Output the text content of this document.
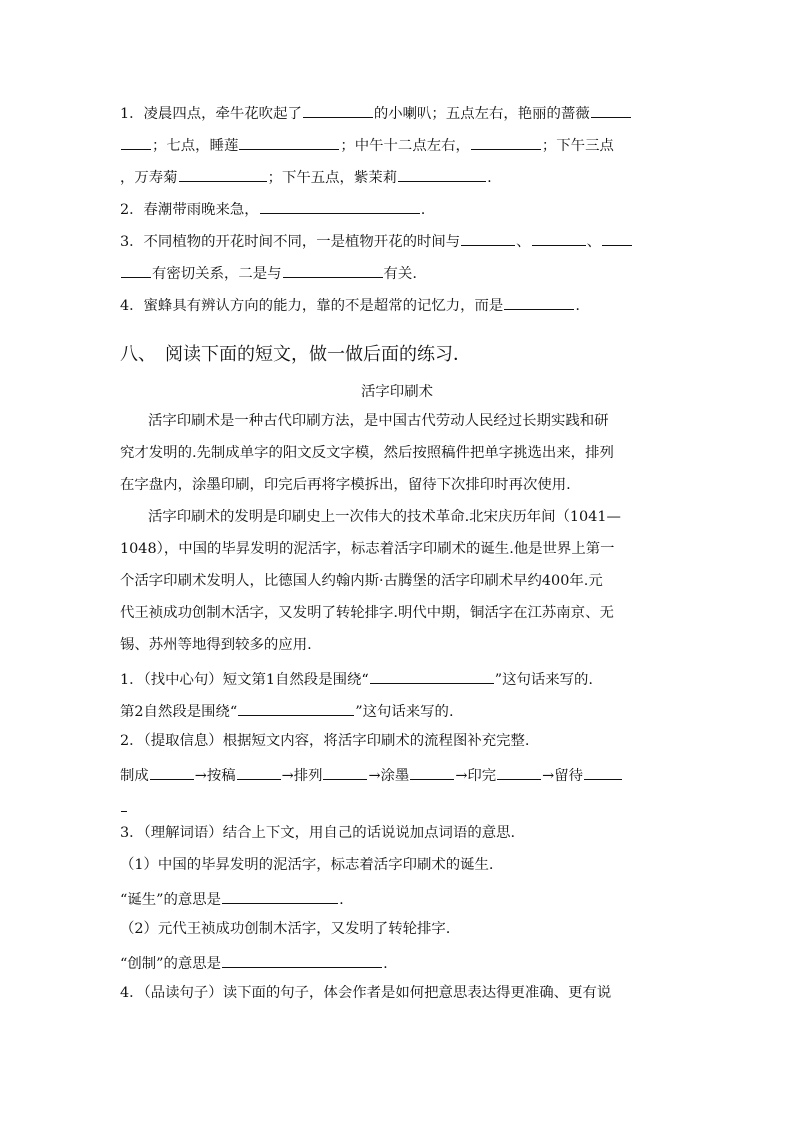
1．凌晨四点，牵牛花吹起了	的小喇叭；五点左右，艳丽的蔷薇
；七点，睡莲	；中午十二点左右，	；下午三点
，万寿菊	；下午五点，紫茉莉	.
2．春潮带雨晚来急，	.
3．不同植物的开花时间不同，一是植物开花的时间与	、	、
有密切关系，二是与	有关.
4．蜜蜂具有辨认方向的能力，靠的不是超常的记忆力，而是	.
八、　阅读下面的短文，做一做后面的练习．
活字印刷术
活字印刷术是一种古代印刷方法，是中国古代劳动人民经过长期实践和研
究才发明的.先制成单字的阳文反文字模，然后按照稿件把单字挑选出来，排列
在字盘内，涂墨印刷，印完后再将字模拆出，留待下次排印时再次使用.
活字印刷术的发明是印刷史上一次伟大的技术革命.北宋庆历年间（1041—
1048），中国的毕昇发明的泥活字，标志着活字印刷术的诞生.他是世界上第一
个活字印刷术发明人，比德国人约翰内斯·古腾堡的活字印刷术早约400年.元
代王祯成功创制木活字，又发明了转轮排字.明代中期，铜活字在江苏南京、无
锡、苏州等地得到较多的应用.
1．（找中心句）短文第1自然段是围绕“	”这句话来写的.
第2自然段是围绕“	”这句话来写的.
2．（提取信息）根据短文内容，将活字印刷术的流程图补充完整.
制成	→按稿	→排列	→涂墨	→印完	→留待
3．（理解词语）结合上下文，用自己的话说说加点词语的意思.
（1）中国的毕昇发明的泥活字，标志着活字印刷术的诞生.
“诞生”的意思是	.
（2）元代王祯成功创制木活字，又发明了转轮排字.
“创制”的意思是	.
4．（品读句子）读下面的句子，体会作者是如何把意思表达得更准确、更有说
